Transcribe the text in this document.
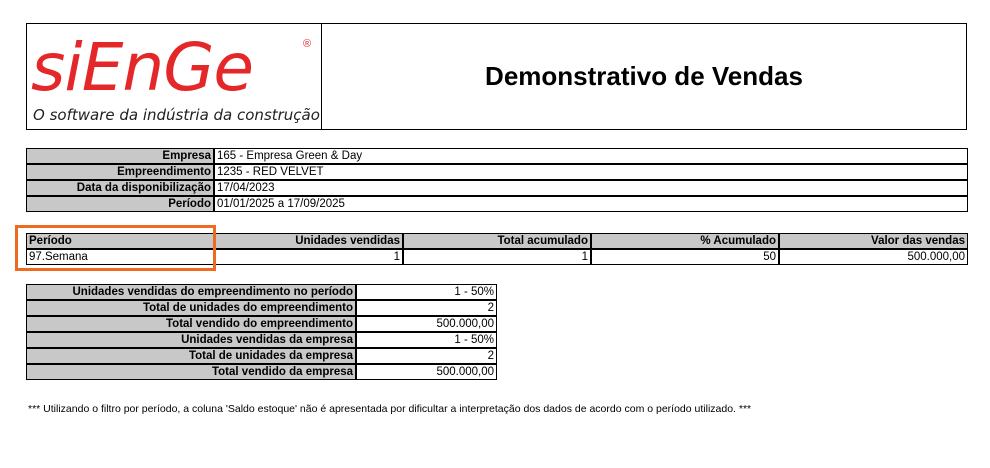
siEnGe	®
O software da indústria da construção
Demonstrativo de Vendas
Empresa 165 - Empresa Green & Day
Empreendimento 1235 - RED VELVET
Data da disponibilização 17/04/2023
Período 01/01/2025 a 17/09/2025
Período	Unidades vendidas	Total acumulado	% Acumulado	Valor das vendas
97.Semana	1	1	50	500.000,00
Unidades vendidas do empreendimento no período	1 - 50%
Total de unidades do empreendimento	2
Total vendido do empreendimento	500.000,00
Unidades vendidas da empresa	1 - 50%
Total de unidades da empresa	2
Total vendido da empresa	500.000,00
*** Utilizando o filtro por período, a coluna 'Saldo estoque' não é apresentada por dificultar a interpretação dos dados de acordo com o período utilizado. ***
